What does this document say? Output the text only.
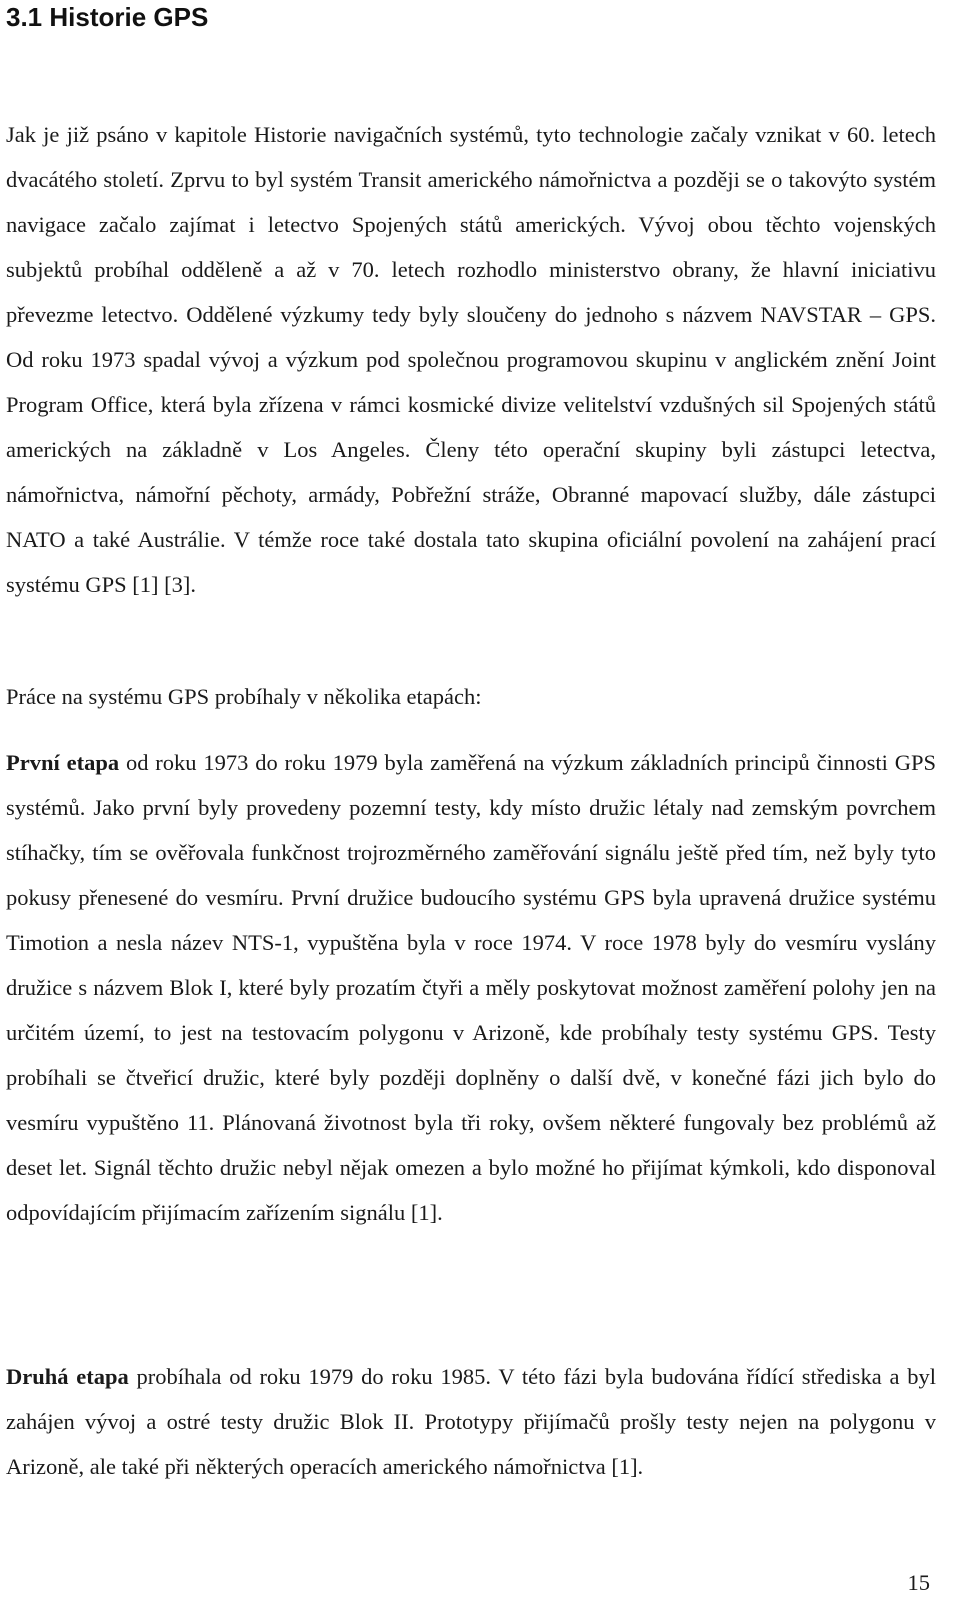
3.1 Historie GPS

Jak je již psáno v kapitole Historie navigačních systémů, tyto technologie začaly vznikat v 60. letech dvacátého století. Zprvu to byl systém Transit amerického námořnictva a později se o takovýto systém navigace začalo zajímat i letectvo Spojených států amerických. Vývoj obou těchto vojenských subjektů probíhal odděleně a až v 70. letech rozhodlo ministerstvo obrany, že hlavní iniciativu převezme letectvo. Oddělené výzkumy tedy byly sloučeny do jednoho s názvem NAVSTAR – GPS. Od roku 1973 spadal vývoj a výzkum pod společnou programovou skupinu v anglickém znění Joint Program Office, která byla zřízena v rámci kosmické divize velitelství vzdušných sil Spojených států amerických na základně v Los Angeles. Členy této operační skupiny byli zástupci letectva, námořnictva, námořní pěchoty, armády, Pobřežní stráže, Obranné mapovací služby, dále zástupci NATO a také Austrálie. V témže roce také dostala tato skupina oficiální povolení na zahájení prací systému GPS [1] [3].

Práce na systému GPS probíhaly v několika etapách:

První etapa od roku 1973 do roku 1979 byla zaměřená na výzkum základních principů činnosti GPS systémů. Jako první byly provedeny pozemní testy, kdy místo družic létaly nad zemským povrchem stíhačky, tím se ověřovala funkčnost trojrozměrného zaměřování signálu ještě před tím, než byly tyto pokusy přenesené do vesmíru. První družice budoucího systému GPS byla upravená družice systému Timotion a nesla název NTS-1, vypuštěna byla v roce 1974. V roce 1978 byly do vesmíru vyslány družice s názvem Blok I, které byly prozatím čtyři a měly poskytovat možnost zaměření polohy jen na určitém území, to jest na testovacím polygonu v Arizoně, kde probíhaly testy systému GPS. Testy probíhali se čtveřicí družic, které byly později doplněny o další dvě, v konečné fázi jich bylo do vesmíru vypuštěno 11. Plánovaná životnost byla tři roky, ovšem některé fungovaly bez problémů až deset let. Signál těchto družic nebyl nějak omezen a bylo možné ho přijímat kýmkoli, kdo disponoval odpovídajícím přijímacím zařízením signálu [1].

Druhá etapa probíhala od roku 1979 do roku 1985. V této fázi byla budována řídící střediska a byl zahájen vývoj a ostré testy družic Blok II. Prototypy přijímačů prošly testy nejen na polygonu v Arizoně, ale také při některých operacích amerického námořnictva [1].

15
